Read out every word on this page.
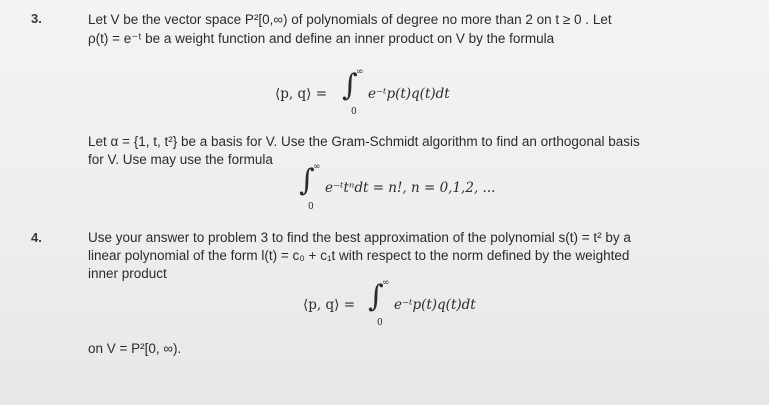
3.	Let V be the vector space P²[0,∞) of polynomials of degree no more than 2 on t ≥ 0 . Let
ρ(t) = e⁻ᵗ be a weight function and define an inner product on V by the formula
⟨p, q⟩ = ∫
∞
0
e⁻ᵗp(t)q(t)dt
Let α = {1, t, t²} be a basis for V. Use the Gram-Schmidt algorithm to find an orthogonal basis
for V. Use may use the formula
∫
∞
0
e⁻ᵗtⁿdt = n!, n = 0,1,2, ...
4.	Use your answer to problem 3 to find the best approximation of the polynomial s(t) = t² by a
linear polynomial of the form l(t) = c₀ + c₁t with respect to the norm defined by the weighted
inner product
⟨p, q⟩ = ∫
∞
0
e⁻ᵗp(t)q(t)dt
on V = P²[0, ∞).
